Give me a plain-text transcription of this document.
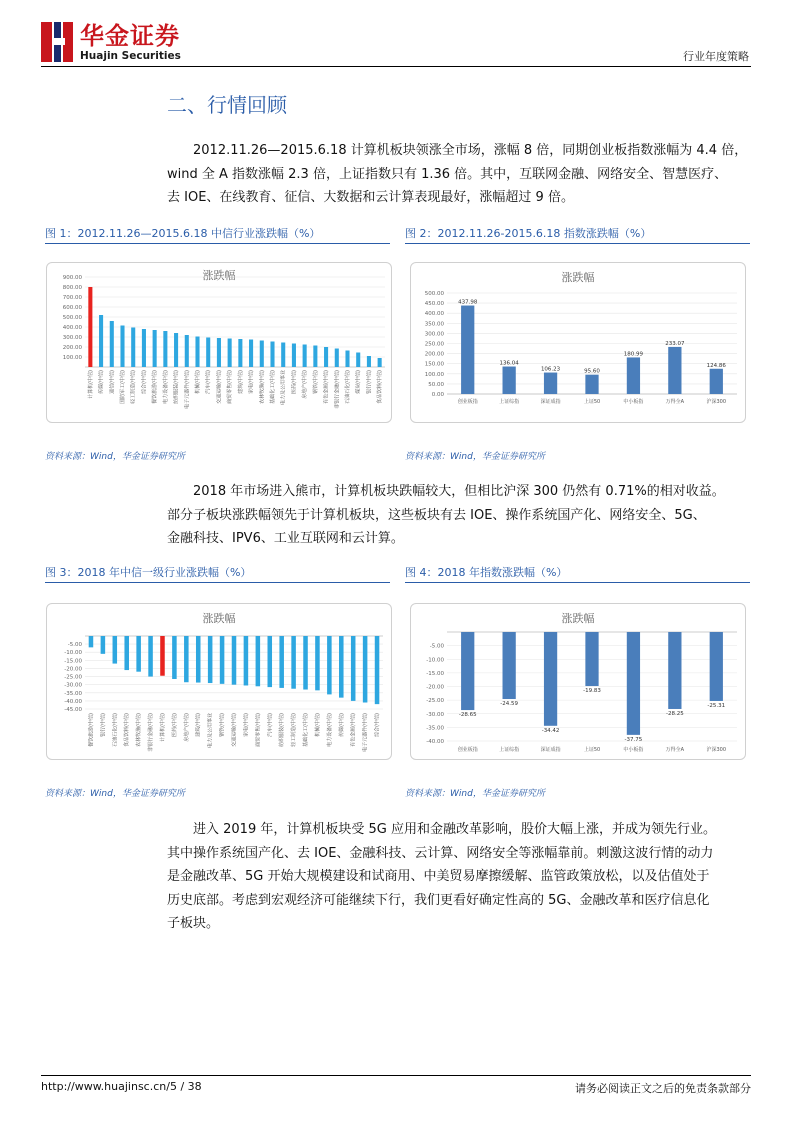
华金证券
Huajin Securities	行业年度策略
二、行情回顾
2012.11.26—2015.6.18 计算机板块领涨全市场，涨幅 8 倍，同期创业板指数涨幅为 4.4 倍，
wind 全 A 指数涨幅 2.3 倍，上证指数只有 1.36 倍。其中，互联网金融、网络安全、智慧医疗、
去 IOE、在线教育、征信、大数据和云计算表现最好，涨幅超过 9 倍。
图 1：2012.11.26—2015.6.18 中信行业涨跌幅（%）
涨跌幅
100.00
200.00
300.00
400.00
500.00
600.00
700.00
800.00
900.00
计算机(中信) 传媒(中信) 通信(中信) 国防军工(中信) 轻工制造(中信) 综合(中信) 餐饮旅游(中信) 电力设备(中信) 纺织服装(中信) 电子元器件(中信) 机械(中信) 汽车(中信) 交通运输(中信) 商贸零售(中信) 建筑(中信) 家电(中信) 农林牧渔(中信) 基础化工(中信) 电力及公用事业 医药(中信) 房地产(中信) 钢铁(中信) 有色金属(中信) 非银行金融(中信) 石油石化(中信) 煤炭(中信) 银行(中信) 食品饮料(中信)
资料来源：Wind，华金证券研究所
图 2：2012.11.26-2015.6.18 指数涨跌幅（%）
涨跌幅
0.00
50.00
100.00
150.00
200.00
250.00
300.00
350.00
400.00
450.00
500.00
437.98
创业板指
136.04
上证综指
106.23
深证成指
95.60
上证50
180.99
中小板指
233.07
万得全A
124.86
沪深300
资料来源：Wind，华金证券研究所
2018 年市场进入熊市，计算机板块跌幅较大，但相比沪深 300 仍然有 0.71%的相对收益。
部分子板块涨跌幅领先于计算机板块，这些板块有去 IOE、操作系统国产化、网络安全、5G、
金融科技、IPV6、工业互联网和云计算。
图 3：2018 年中信一级行业涨跌幅（%）
涨跌幅
-5.00
-10.00
-15.00
-20.00
-25.00
-30.00
-35.00
-40.00
-45.00
餐饮旅游(中信) 银行(中信) 石油石化(中信) 食品饮料(中信) 农林牧渔(中信) 非银行金融(中信) 计算机(中信) 医药(中信) 房地产(中信) 建筑(中信) 电力及公用事业 钢铁(中信) 交通运输(中信) 家电(中信) 商贸零售(中信) 汽车(中信) 纺织服装(中信) 轻工制造(中信) 基础化工(中信) 机械(中信) 电力设备(中信) 传媒(中信) 有色金属(中信) 电子元器件(中信) 综合(中信)
资料来源：Wind，华金证券研究所
图 4：2018 年指数涨跌幅（%）
涨跌幅
-5.00
-10.00
-15.00
-20.00
-25.00
-30.00
-35.00
-40.00
-28.65
创业板指
-24.59
上证综指
-34.42
深证成指
-19.83
上证50
-37.75
中小板指
-28.25
万得全A
-25.31
沪深300
资料来源：Wind，华金证券研究所
进入 2019 年，计算机板块受 5G 应用和金融改革影响，股价大幅上涨，并成为领先行业。
其中操作系统国产化、去 IOE、金融科技、云计算、网络安全等涨幅靠前。刺激这波行情的动力
是金融改革、5G 开始大规模建设和试商用、中美贸易摩擦缓解、监管政策放松，以及估值处于
历史底部。考虑到宏观经济可能继续下行，我们更看好确定性高的 5G、金融改革和医疗信息化
子板块。
http://www.huajinsc.cn/5 / 38	请务必阅读正文之后的免责条款部分
